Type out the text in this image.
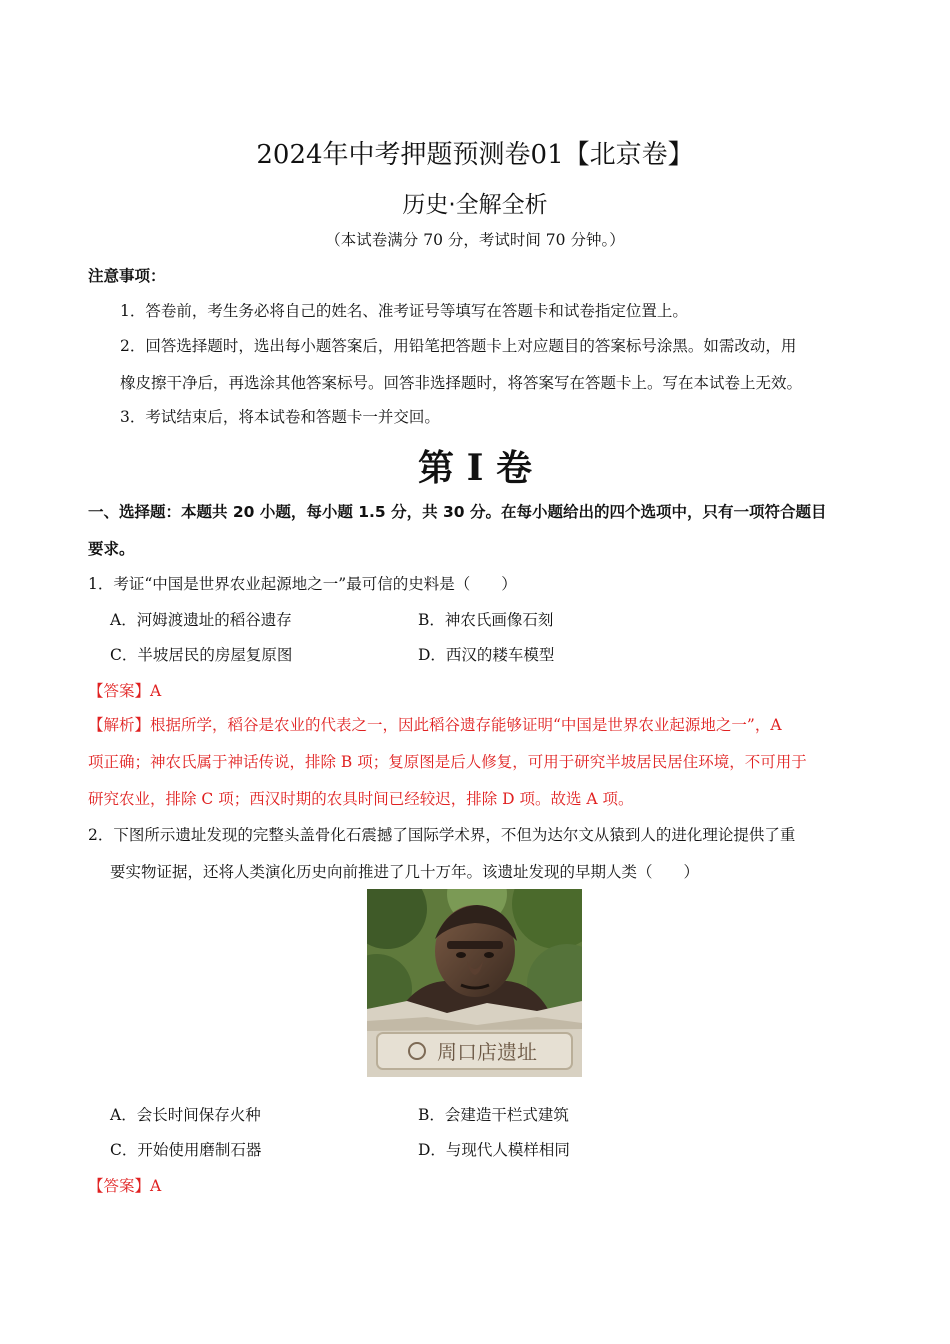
2024年中考押题预测卷01【北京卷】
历史·全解全析
（本试卷满分 70 分，考试时间 70 分钟。）
注意事项：
1．答卷前，考生务必将自己的姓名、准考证号等填写在答题卡和试卷指定位置上。
2．回答选择题时，选出每小题答案后，用铅笔把答题卡上对应题目的答案标号涂黑。如需改动，用
橡皮擦干净后，再选涂其他答案标号。回答非选择题时，将答案写在答题卡上。写在本试卷上无效。
3．考试结束后，将本试卷和答题卡一并交回。
第 I 卷
一、选择题：本题共 20 小题，每小题 1.5 分，共 30 分。在每小题给出的四个选项中，只有一项符合题目
要求。
1．考证“中国是世界农业起源地之一”最可信的史料是（　　）
A．河姆渡遗址的稻谷遗存	B．神农氏画像石刻
C．半坡居民的房屋复原图	D．西汉的耧车模型
【答案】A
【解析】根据所学，稻谷是农业的代表之一，因此稻谷遗存能够证明“中国是世界农业起源地之一”，A
项正确；神农氏属于神话传说，排除 B 项；复原图是后人修复，可用于研究半坡居民居住环境，不可用于
研究农业，排除 C 项；西汉时期的农具时间已经较迟，排除 D 项。故选 A 项。
2．下图所示遗址发现的完整头盖骨化石震撼了国际学术界，不但为达尔文从猿到人的进化理论提供了重
要实物证据，还将人类演化历史向前推进了几十万年。该遗址发现的早期人类（　　）
周口店遗址
A．会长时间保存火种	B．会建造干栏式建筑
C．开始使用磨制石器	D．与现代人模样相同
【答案】A
